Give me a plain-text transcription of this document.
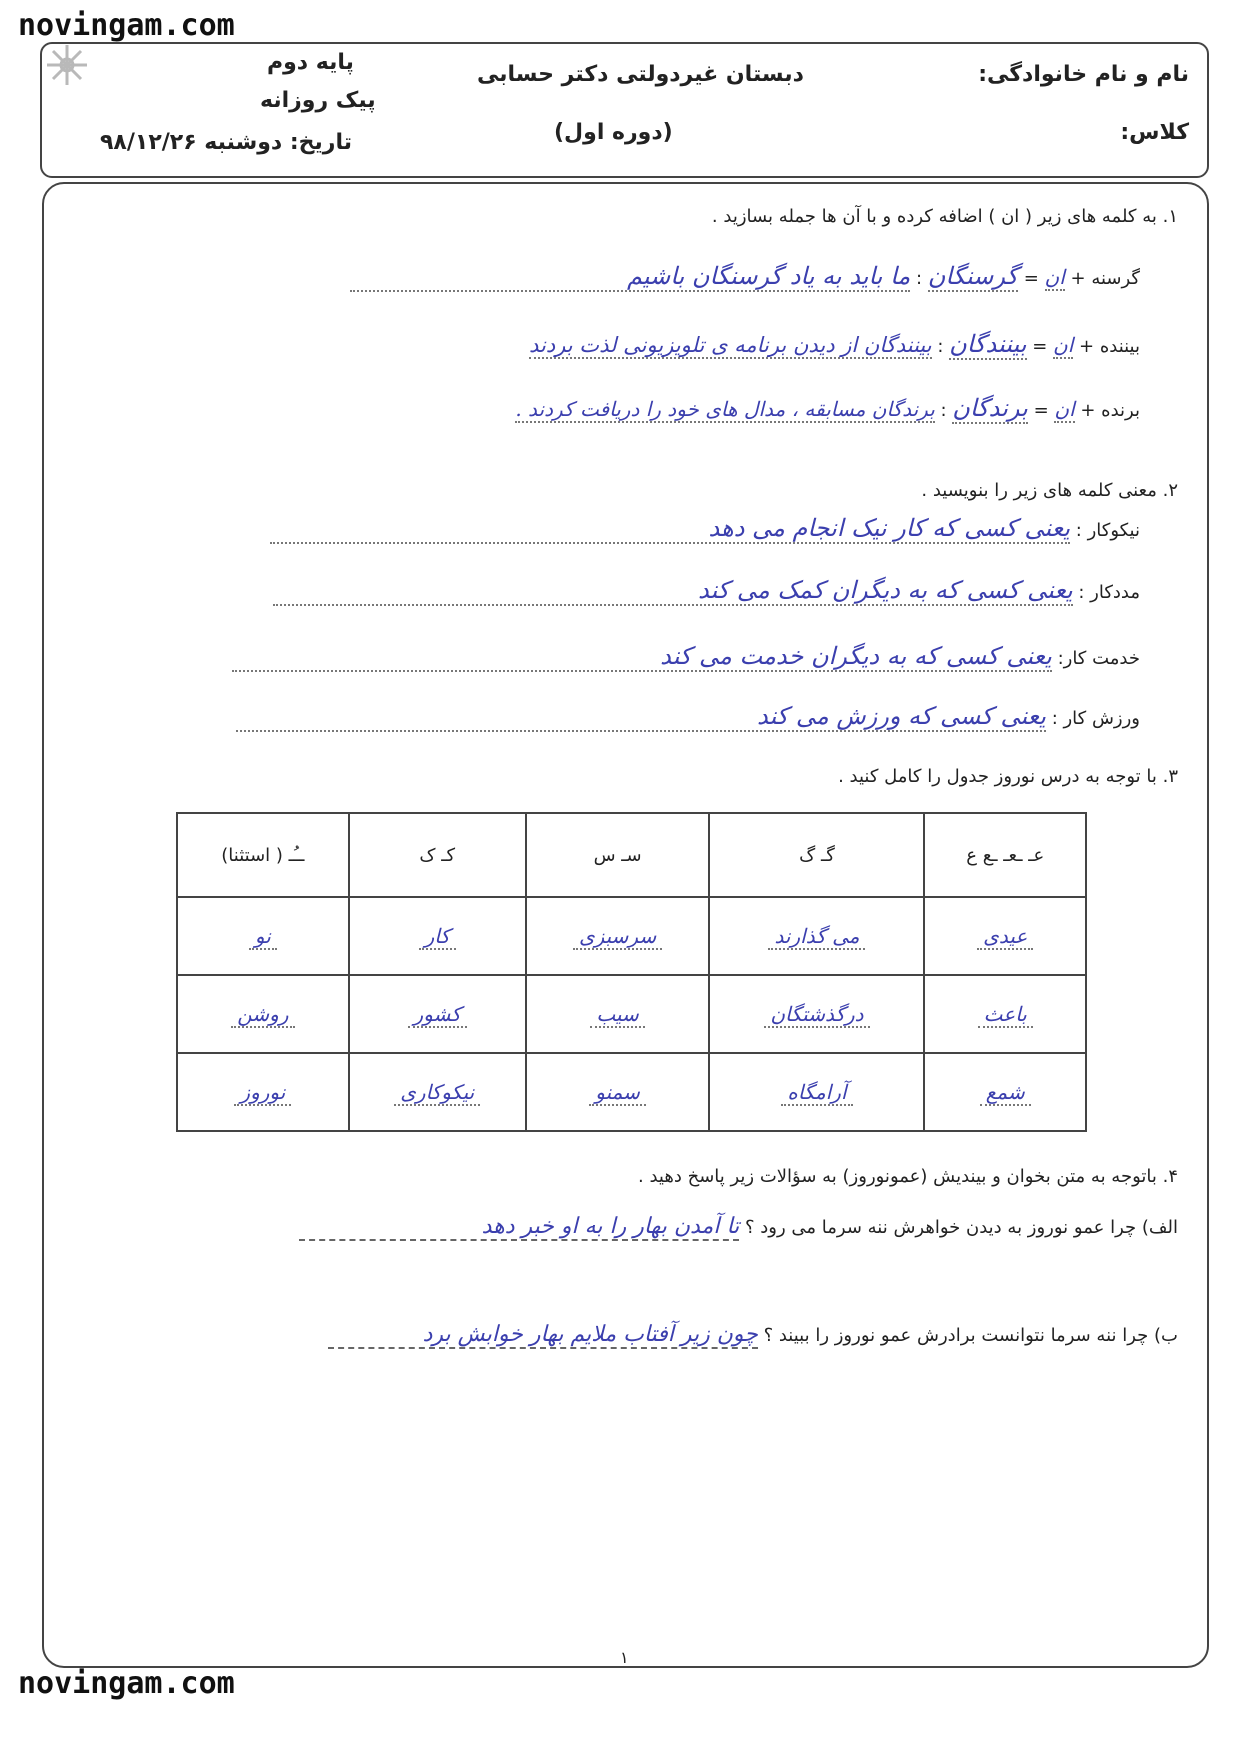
novingam.com
نام و نام خانوادگی:
کلاس:
دبستان غیردولتی دکتر حسابی
(دوره اول)
پایه دوم
پیک روزانه
تاریخ: دوشنبه ۹۸/۱۲/۲۶
۱. به کلمه های زیر ( ان ) اضافه کرده و با آن ها جمله بسازید .
گرسنه + ان = گرسنگان : ما باید به یاد گرسنگان باشیم
بیننده + ان = بینندگان : بینندگان از دیدن برنامه ی تلویزیونی لذت بردند
برنده + ان = برندگان : برندگان مسابقه ، مدال های خود را دریافت کردند .
۲. معنی کلمه های زیر را بنویسید .
نیکوکار : یعنی کسی که کار نیک انجام می دهد
مددکار : یعنی کسی که به دیگران کمک می کند
خدمت کار: یعنی کسی که به دیگران خدمت می کند
ورزش کار : یعنی کسی که ورزش می کند
۳. با توجه به درس نوروز جدول را کامل کنید .
عـ ـعـ ـع ع	گـ گ	سـ س	کـ ک	ــُـ ( استثنا)
عیدی	می گذارند	سرسبزی	کار	نو
باعث	درگذشتگان	سیب	کشور	روشن
شمع	آرامگاه	سمنو	نیکوکاری	نوروز
۴. باتوجه به متن بخوان و بیندیش (عمونوروز) به سؤالات زیر پاسخ دهید .
الف) چرا عمو نوروز به دیدن خواهرش ننه سرما می رود ؟ تا آمدن بهار را به او خبر دهد
ب) چرا ننه سرما نتوانست برادرش عمو نوروز را ببیند ؟ چون زیر آفتاب ملایم بهار خوابش برد
۱
novingam.com
